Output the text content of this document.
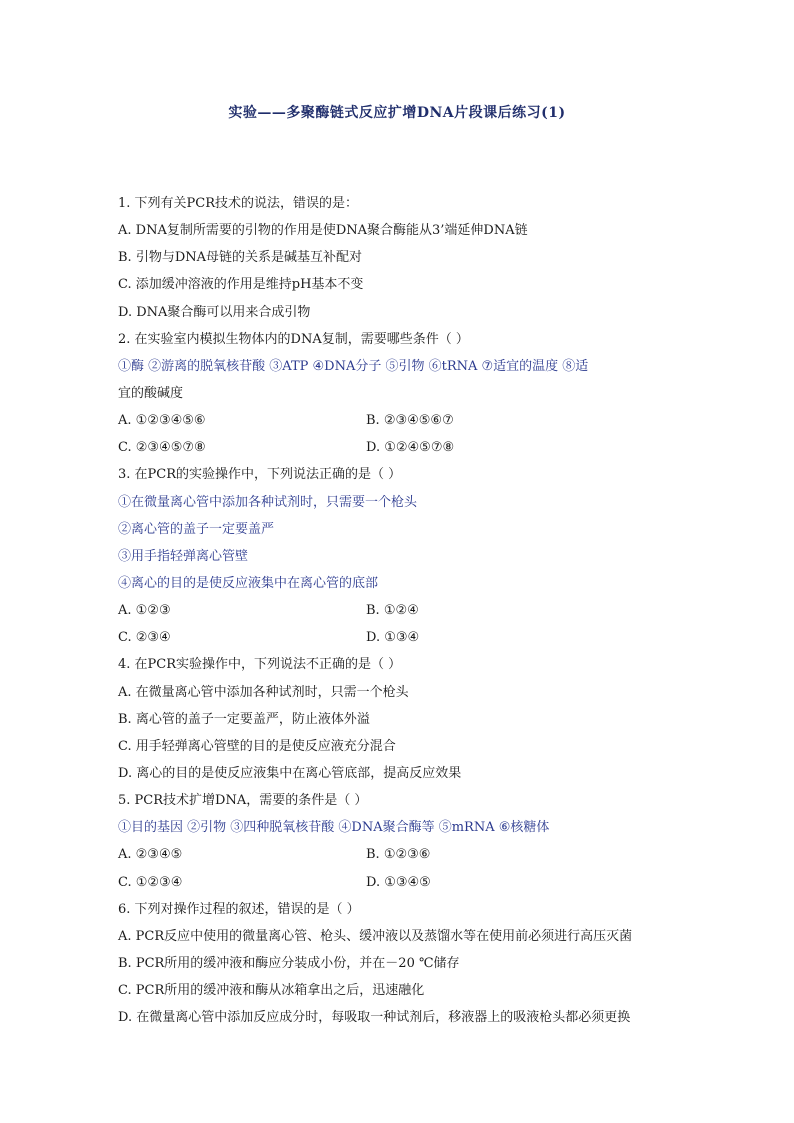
实验——多聚酶链式反应扩增DNA片段课后练习(1)
1. 下列有关PCR技术的说法，错误的是：
A. DNA复制所需要的引物的作用是使DNA聚合酶能从3’端延伸DNA链
B. 引物与DNA母链的关系是碱基互补配对
C. 添加缓冲溶液的作用是维持pH基本不变
D. DNA聚合酶可以用来合成引物
2. 在实验室内模拟生物体内的DNA复制，需要哪些条件（ ）
①酶 ②游离的脱氧核苷酸 ③ATP ④DNA分子 ⑤引物 ⑥tRNA ⑦适宜的温度 ⑧适
宜的酸碱度
A. ①②③④⑤⑥	B. ②③④⑤⑥⑦
C. ②③④⑤⑦⑧	D. ①②④⑤⑦⑧
3. 在PCR的实验操作中，下列说法正确的是（ ）
①在微量离心管中添加各种试剂时，只需要一个枪头
②离心管的盖子一定要盖严
③用手指轻弹离心管壁
④离心的目的是使反应液集中在离心管的底部
A. ①②③	B. ①②④
C. ②③④	D. ①③④
4. 在PCR实验操作中，下列说法不正确的是（ ）
A. 在微量离心管中添加各种试剂时，只需一个枪头
B. 离心管的盖子一定要盖严，防止液体外溢
C. 用手轻弹离心管壁的目的是使反应液充分混合
D. 离心的目的是使反应液集中在离心管底部，提高反应效果
5. PCR技术扩增DNA，需要的条件是（ ）
①目的基因 ②引物 ③四种脱氧核苷酸 ④DNA聚合酶等 ⑤mRNA ⑥核糖体
A. ②③④⑤	B. ①②③⑥
C. ①②③④	D. ①③④⑤
6. 下列对操作过程的叙述，错误的是（ ）
A. PCR反应中使用的微量离心管、枪头、缓冲液以及蒸馏水等在使用前必须进行高压灭菌
B. PCR所用的缓冲液和酶应分装成小份，并在－20 ℃储存
C. PCR所用的缓冲液和酶从冰箱拿出之后，迅速融化
D. 在微量离心管中添加反应成分时，每吸取一种试剂后，移液器上的吸液枪头都必须更换
